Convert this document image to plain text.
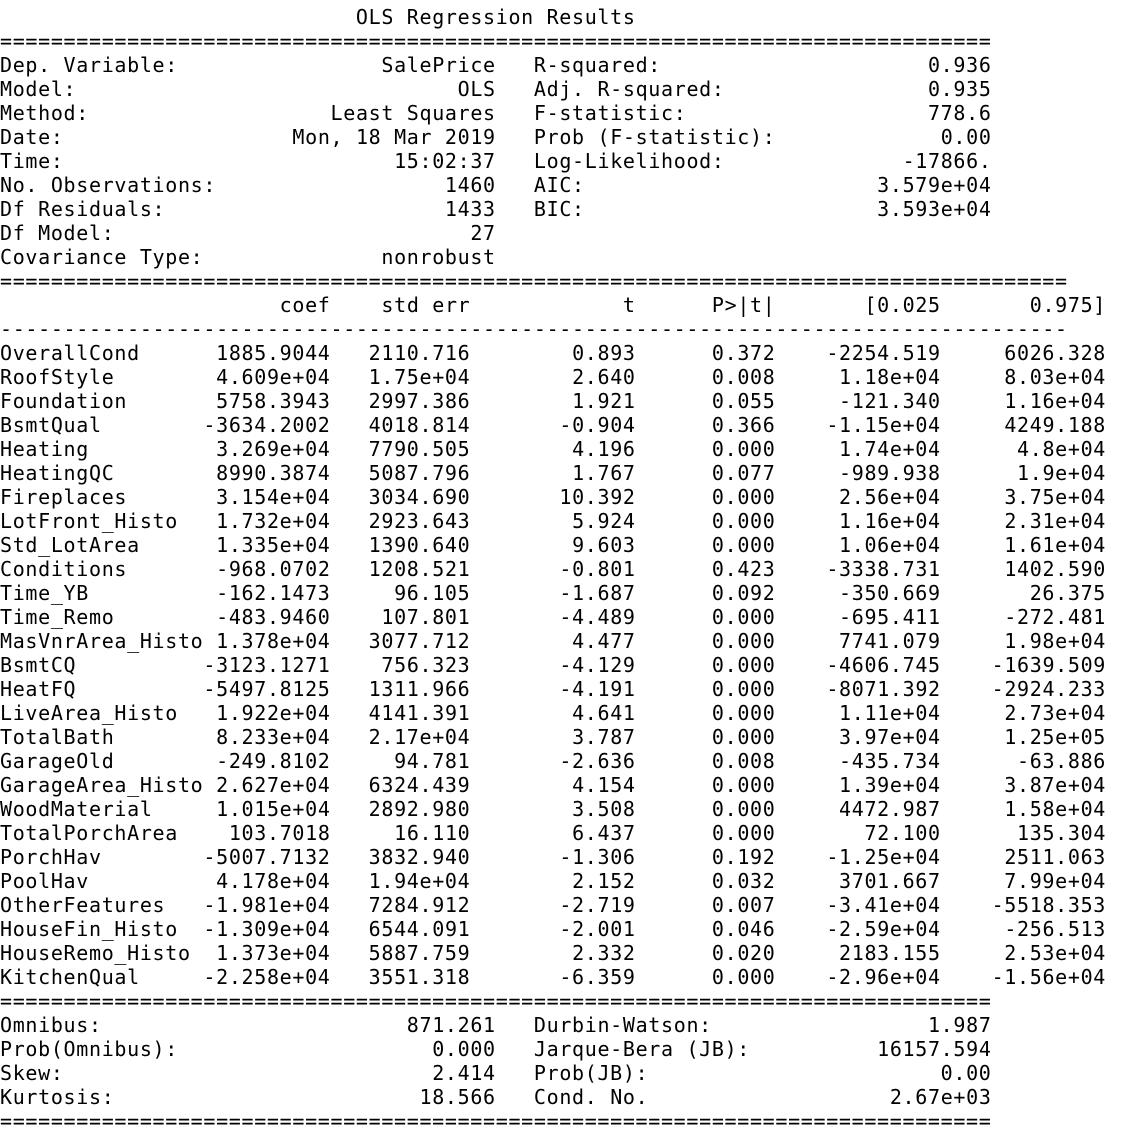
OLS Regression Results
==============================================================================
Dep. Variable:	SalePrice R-squared:	0.936
Model:	OLS Adj. R-squared:	0.935
Method:	Least Squares F-statistic:	778.6
Date:	Mon, 18 Mar 2019 Prob (F-statistic):	0.00
Time:	15:02:37 Log-Likelihood:	-17866.
No. Observations:	1460 AIC:	3.579e+04
Df Residuals:	1433 BIC:	3.593e+04
Df Model:	27
Covariance Type:	nonrobust
====================================================================================
coef	std err	t	P>|t|	[0.025	0.975]
------------------------------------------------------------------------------------
OverallCond	1885.9044 2110.716	0.893	0.372	-2254.519	6026.328
RoofStyle	4.609e+04 1.75e+04	2.640	0.008	1.18e+04	8.03e+04
Foundation	5758.3943 2997.386	1.921	0.055	-121.340	1.16e+04
BsmtQual	-3634.2002 4018.814	-0.904	0.366	-1.15e+04	4249.188
Heating	3.269e+04 7790.505	4.196	0.000	1.74e+04	4.8e+04
HeatingQC	8990.3874 5087.796	1.767	0.077	-989.938	1.9e+04
Fireplaces	3.154e+04 3034.690	10.392	0.000	2.56e+04	3.75e+04
LotFront_Histo 1.732e+04 2923.643	5.924	0.000	1.16e+04	2.31e+04
Std_LotArea	1.335e+04 1390.640	9.603	0.000	1.06e+04	1.61e+04
Conditions	-968.0702 1208.521	-0.801	0.423	-3338.731	1402.590
Time_YB	-162.1473	96.105	-1.687	0.092	-350.669	26.375
Time_Remo	-483.9460	107.801	-4.489	0.000	-695.411	-272.481
MasVnrArea_Histo 1.378e+04 3077.712	4.477	0.000	7741.079	1.98e+04
BsmtCQ	-3123.1271	756.323	-4.129	0.000	-4606.745	-1639.509
HeatFQ	-5497.8125 1311.966	-4.191	0.000	-8071.392	-2924.233
LiveArea_Histo 1.922e+04 4141.391	4.641	0.000	1.11e+04	2.73e+04
TotalBath	8.233e+04 2.17e+04	3.787	0.000	3.97e+04	1.25e+05
GarageOld	-249.8102	94.781	-2.636	0.008	-435.734	-63.886
GarageArea_Histo 2.627e+04 6324.439	4.154	0.000	1.39e+04	3.87e+04
WoodMaterial	1.015e+04 2892.980	3.508	0.000	4472.987	1.58e+04
TotalPorchArea	103.7018	16.110	6.437	0.000	72.100	135.304
PorchHav	-5007.7132 3832.940	-1.306	0.192	-1.25e+04	2511.063
PoolHav	4.178e+04 1.94e+04	2.152	0.032	3701.667	7.99e+04
OtherFeatures -1.981e+04 7284.912	-2.719	0.007	-3.41e+04	-5518.353
HouseFin_Histo -1.309e+04 6544.091	-2.001	0.046	-2.59e+04	-256.513
HouseRemo_Histo 1.373e+04 5887.759	2.332	0.020	2183.155	2.53e+04
KitchenQual	-2.258e+04 3551.318	-6.359	0.000	-2.96e+04	-1.56e+04
==============================================================================
Omnibus:	871.261 Durbin-Watson:	1.987
Prob(Omnibus):	0.000 Jarque-Bera (JB):	16157.594
Skew:	2.414 Prob(JB):	0.00
Kurtosis:	18.566 Cond. No.	2.67e+03
==============================================================================
